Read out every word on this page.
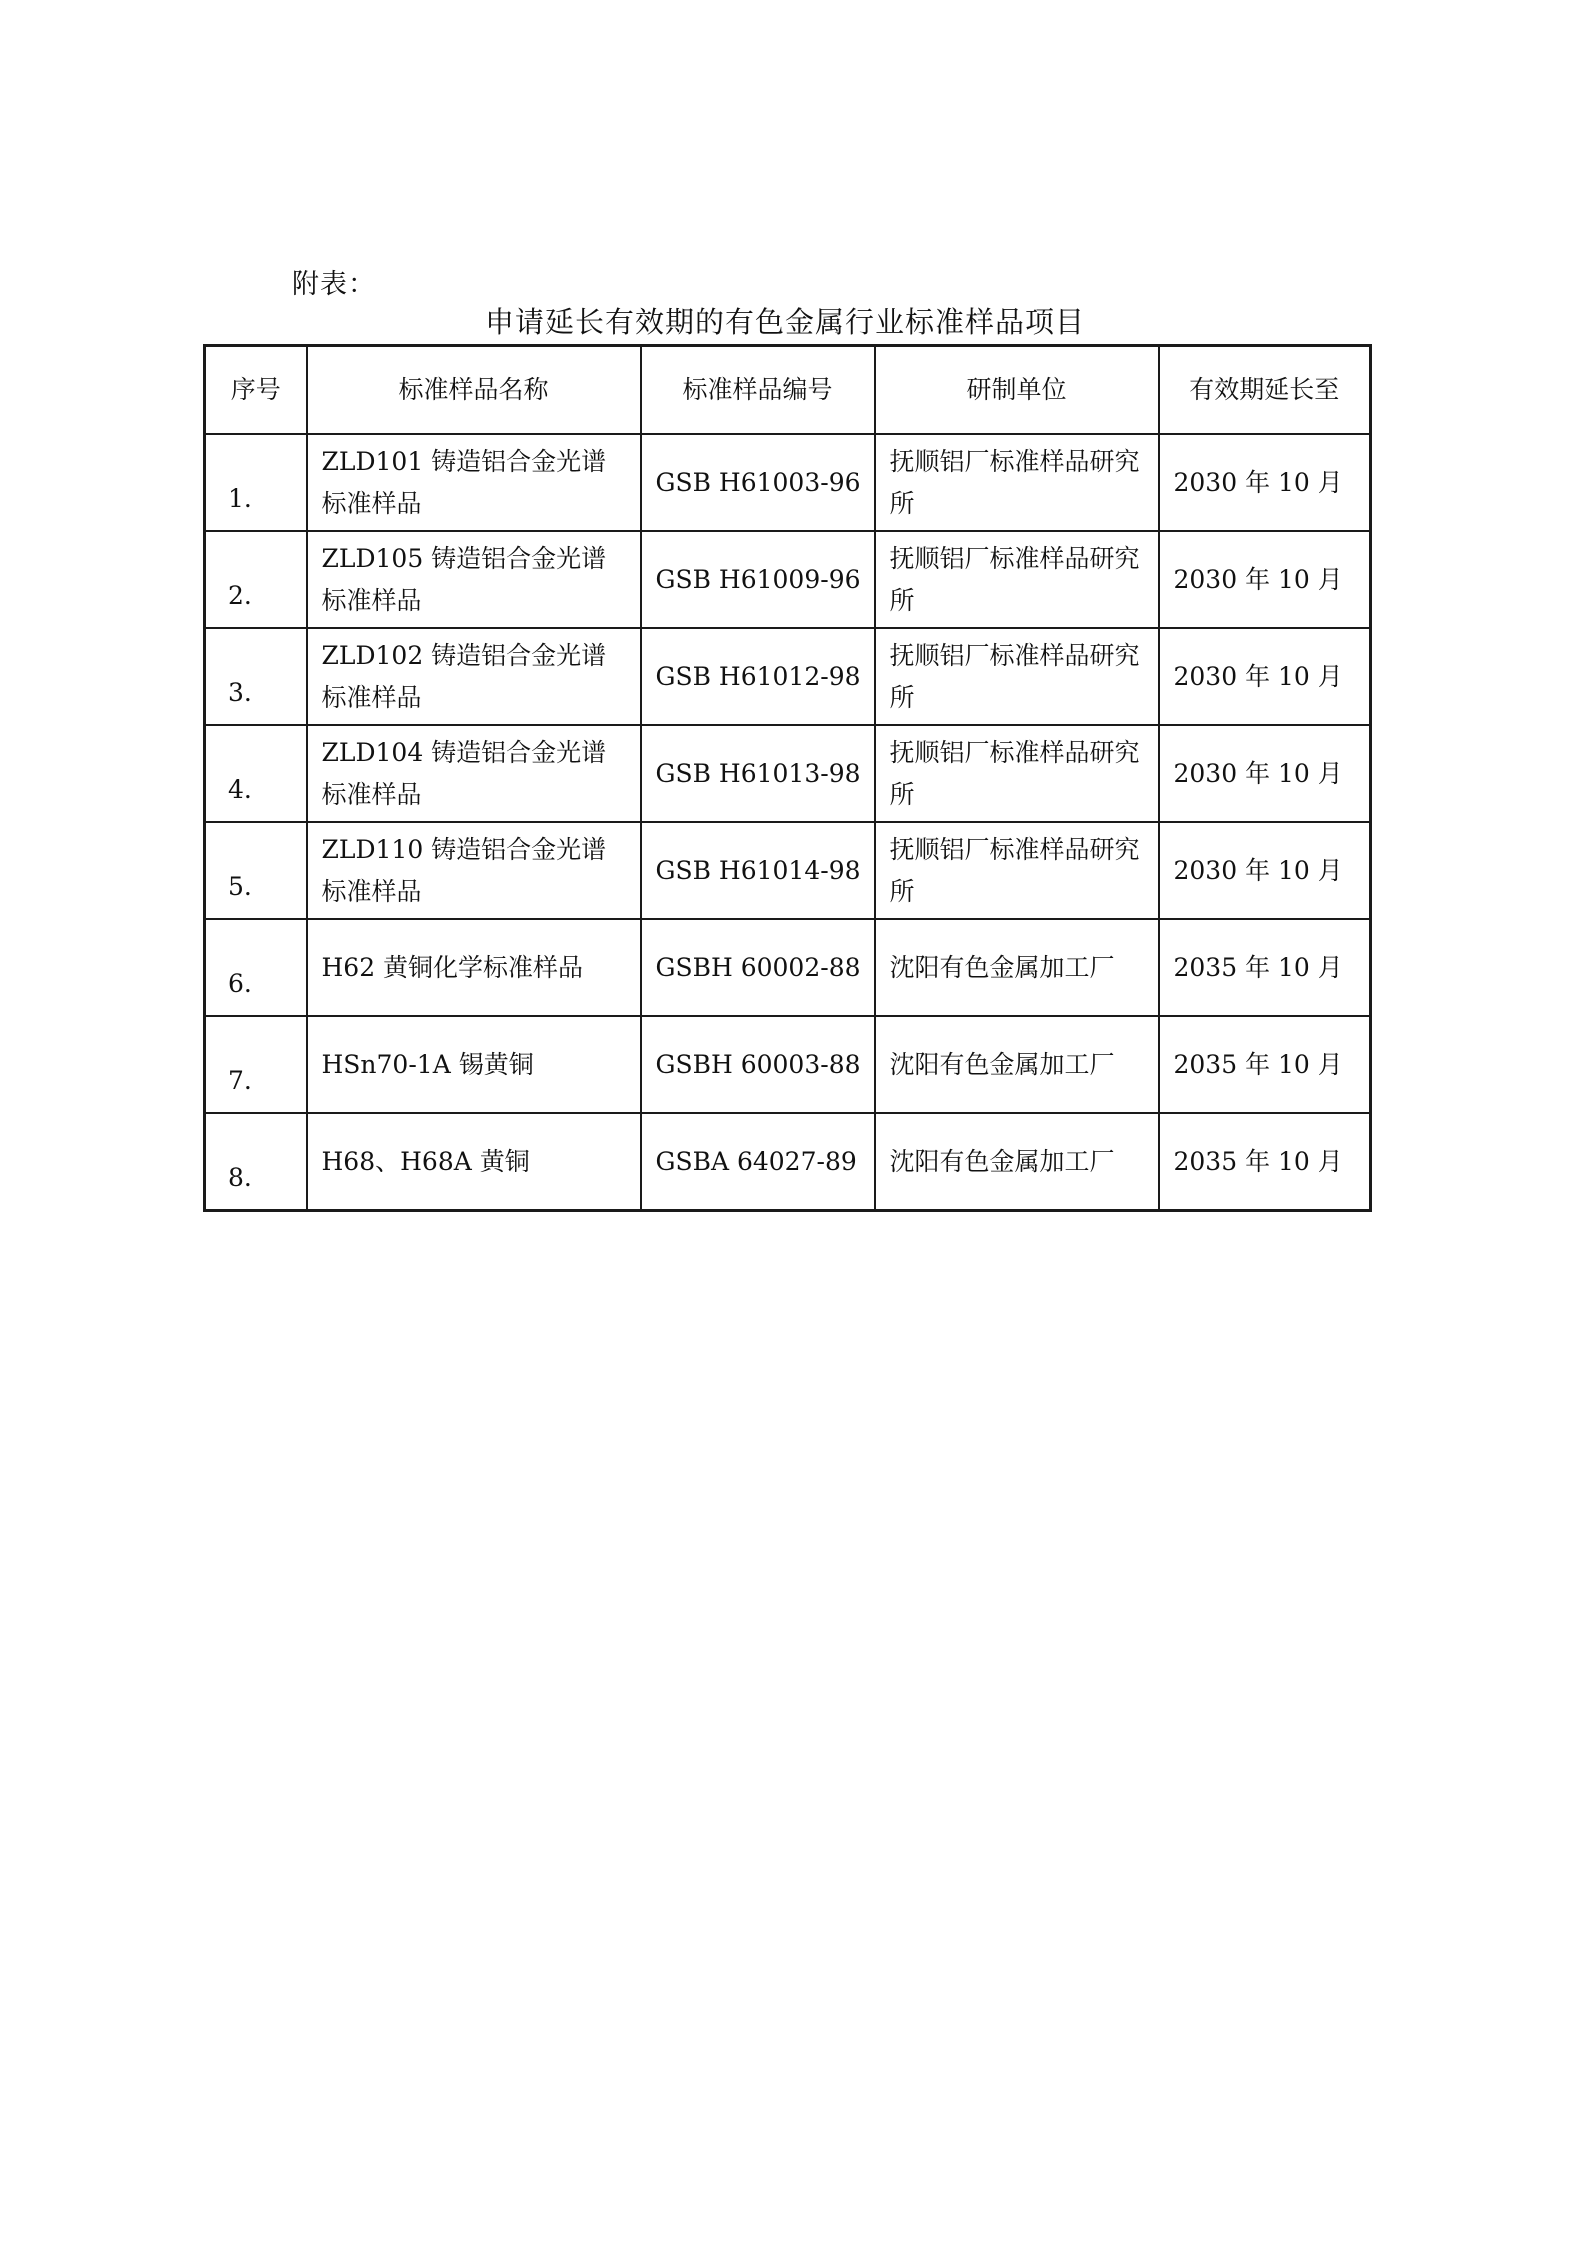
附表：
申请延长有效期的有色金属行业标准样品项目
序号	标准样品名称	标准样品编号	研制单位	有效期延长至
1.	ZLD101 铸造铝合金光谱标准样品	GSB H61003-96	抚顺铝厂标准样品研究所	2030 年 10 月
2.	ZLD105 铸造铝合金光谱标准样品	GSB H61009-96	抚顺铝厂标准样品研究所	2030 年 10 月
3.	ZLD102 铸造铝合金光谱标准样品	GSB H61012-98	抚顺铝厂标准样品研究所	2030 年 10 月
4.	ZLD104 铸造铝合金光谱标准样品	GSB H61013-98	抚顺铝厂标准样品研究所	2030 年 10 月
5.	ZLD110 铸造铝合金光谱标准样品	GSB H61014-98	抚顺铝厂标准样品研究所	2030 年 10 月
6.	H62 黄铜化学标准样品	GSBH 60002-88	沈阳有色金属加工厂	2035 年 10 月
7.	HSn70-1A 锡黄铜	GSBH 60003-88	沈阳有色金属加工厂	2035 年 10 月
8.	H68、H68A 黄铜	GSBA 64027-89	沈阳有色金属加工厂	2035 年 10 月
